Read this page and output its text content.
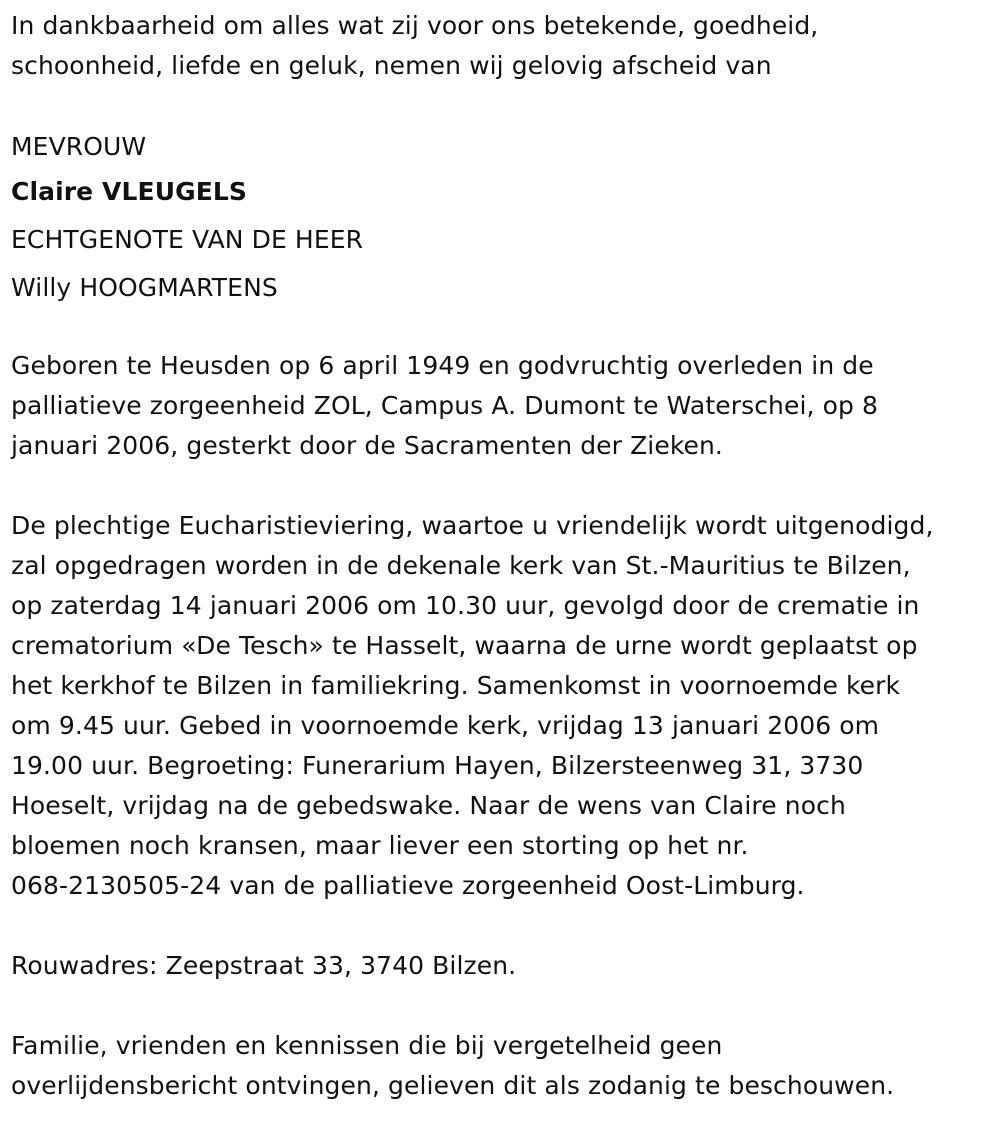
In dankbaarheid om alles wat zij voor ons betekende, goedheid,

schoonheid, liefde en geluk, nemen wij gelovig afscheid van

MEVROUW

Claire VLEUGELS

ECHTGENOTE VAN DE HEER

Willy HOOGMARTENS

Geboren te Heusden op 6 april 1949 en godvruchtig overleden in de

palliatieve zorgeenheid ZOL, Campus A. Dumont te Waterschei, op 8

januari 2006, gesterkt door de Sacramenten der Zieken.

De plechtige Eucharistieviering, waartoe u vriendelijk wordt uitgenodigd,

zal opgedragen worden in de dekenale kerk van St.-Mauritius te Bilzen,

op zaterdag 14 januari 2006 om 10.30 uur, gevolgd door de crematie in

crematorium «De Tesch» te Hasselt, waarna de urne wordt geplaatst op

het kerkhof te Bilzen in familiekring. Samenkomst in voornoemde kerk

om 9.45 uur. Gebed in voornoemde kerk, vrijdag 13 januari 2006 om

19.00 uur. Begroeting: Funerarium Hayen, Bilzersteenweg 31, 3730

Hoeselt, vrijdag na de gebedswake. Naar de wens van Claire noch

bloemen noch kransen, maar liever een storting op het nr.

068-2130505-24 van de palliatieve zorgeenheid Oost-Limburg.

Rouwadres: Zeepstraat 33, 3740 Bilzen.

Familie, vrienden en kennissen die bij vergetelheid geen

overlijdensbericht ontvingen, gelieven dit als zodanig te beschouwen.
